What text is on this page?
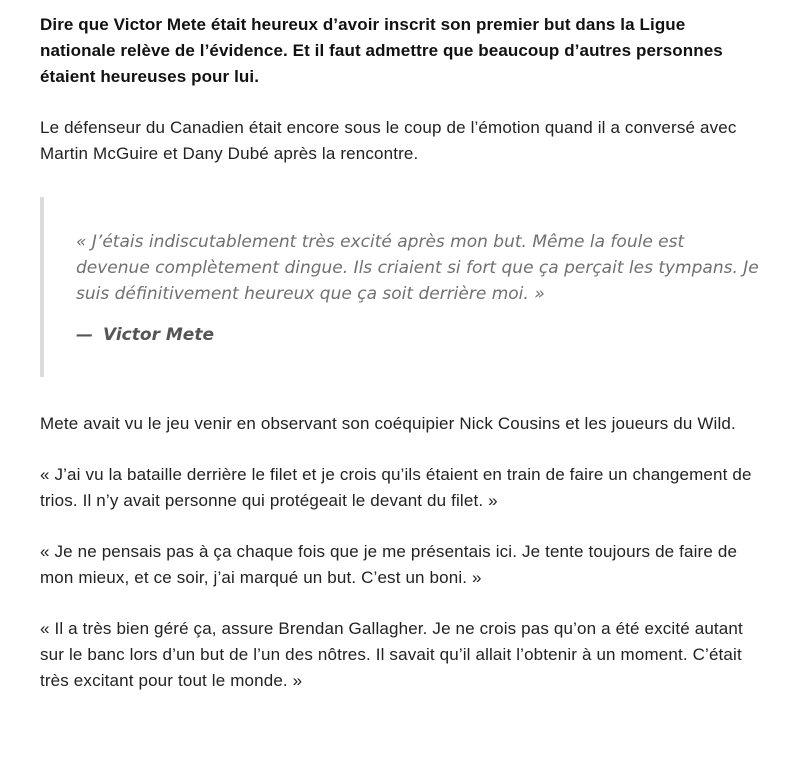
Dire que Victor Mete était heureux d’avoir inscrit son premier but dans la Ligue nationale relève de l’évidence. Et il faut admettre que beaucoup d’autres personnes étaient heureuses pour lui.

Le défenseur du Canadien était encore sous le coup de l’émotion quand il a conversé avec Martin McGuire et Dany Dubé après la rencontre.

« J’étais indiscutablement très excité après mon but. Même la foule est devenue complètement dingue. Ils criaient si fort que ça perçait les tympans. Je suis définitivement heureux que ça soit derrière moi. »

— Victor Mete

Mete avait vu le jeu venir en observant son coéquipier Nick Cousins et les joueurs du Wild.

« J’ai vu la bataille derrière le filet et je crois qu’ils étaient en train de faire un changement de trios. Il n’y avait personne qui protégeait le devant du filet. »

« Je ne pensais pas à ça chaque fois que je me présentais ici. Je tente toujours de faire de mon mieux, et ce soir, j’ai marqué un but. C’est un boni. »

« Il a très bien géré ça, assure Brendan Gallagher. Je ne crois pas qu’on a été excité autant sur le banc lors d’un but de l’un des nôtres. Il savait qu’il allait l’obtenir à un moment. C’était très excitant pour tout le monde. »
